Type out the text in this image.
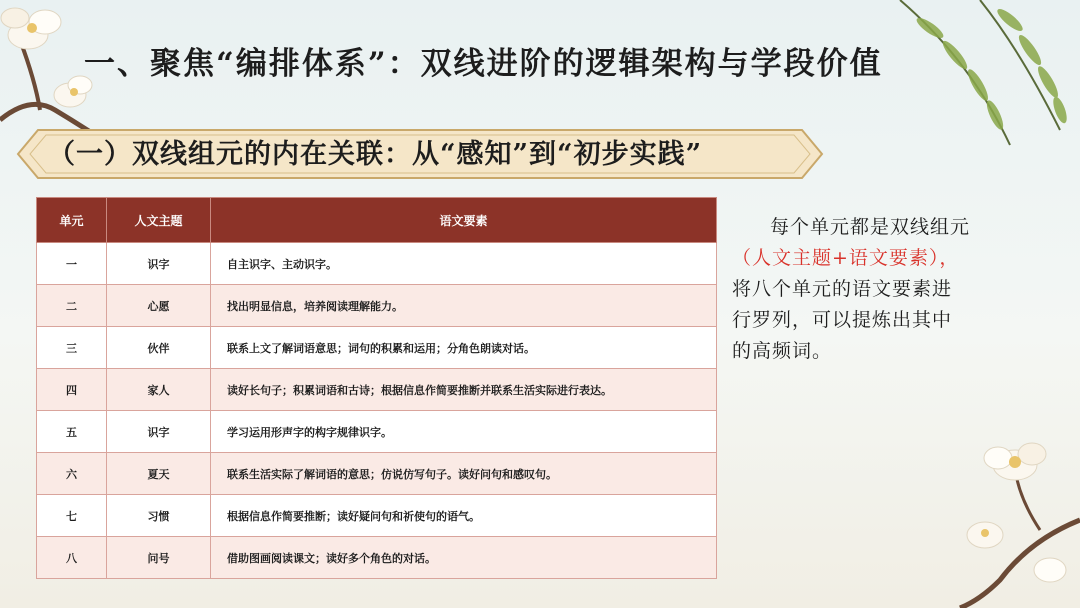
一、聚焦“编排体系”：双线进阶的逻辑架构与学段价值
（一）双线组元的内在关联：从“感知”到“初步实践”
单元	人文主题	语文要素
一	识字	自主识字、主动识字。
二	心愿	找出明显信息，培养阅读理解能力。
三	伙伴	联系上文了解词语意思；词句的积累和运用；分角色朗读对话。
四	家人	读好长句子；积累词语和古诗；根据信息作简要推断并联系生活实际进行表达。
五	识字	学习运用形声字的构字规律识字。
六	夏天	联系生活实际了解词语的意思；仿说仿写句子。读好问句和感叹句。
七	习惯	根据信息作简要推断；读好疑问句和祈使句的语气。
八	问号	借助图画阅读课文；读好多个角色的对话。
每个单元都是双线组元
（人文主题+语文要素），
将八个单元的语文要素进
行罗列，可以提炼出其中
的高频词。
